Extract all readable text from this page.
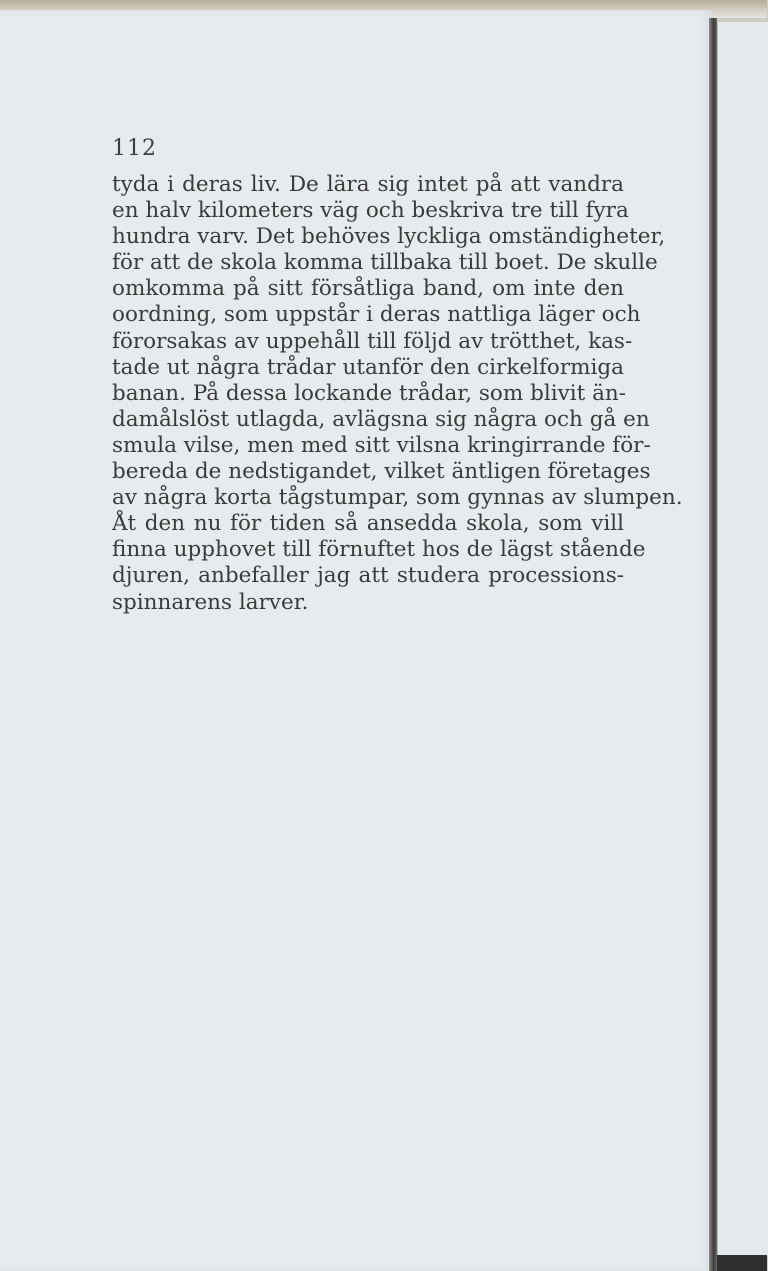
112
tyda i deras liv. De lära sig intet på att vandra
en halv kilometers väg och beskriva tre till fyra
hundra varv. Det behöves lyckliga omständigheter,
för att de skola komma tillbaka till boet. De skulle
omkomma på sitt försåtliga band, om inte den
oordning, som uppstår i deras nattliga läger och
förorsakas av uppehåll till följd av trötthet, kas-
tade ut några trådar utanför den cirkelformiga
banan. På dessa lockande trådar, som blivit än-
damålslöst utlagda, avlägsna sig några och gå en
smula vilse, men med sitt vilsna kringirrande för-
bereda de nedstigandet, vilket äntligen företages
av några korta tågstumpar, som gynnas av slumpen.
Åt den nu för tiden så ansedda skola, som vill
finna upphovet till förnuftet hos de lägst stående
djuren, anbefaller jag att studera processions-
spinnarens larver.
